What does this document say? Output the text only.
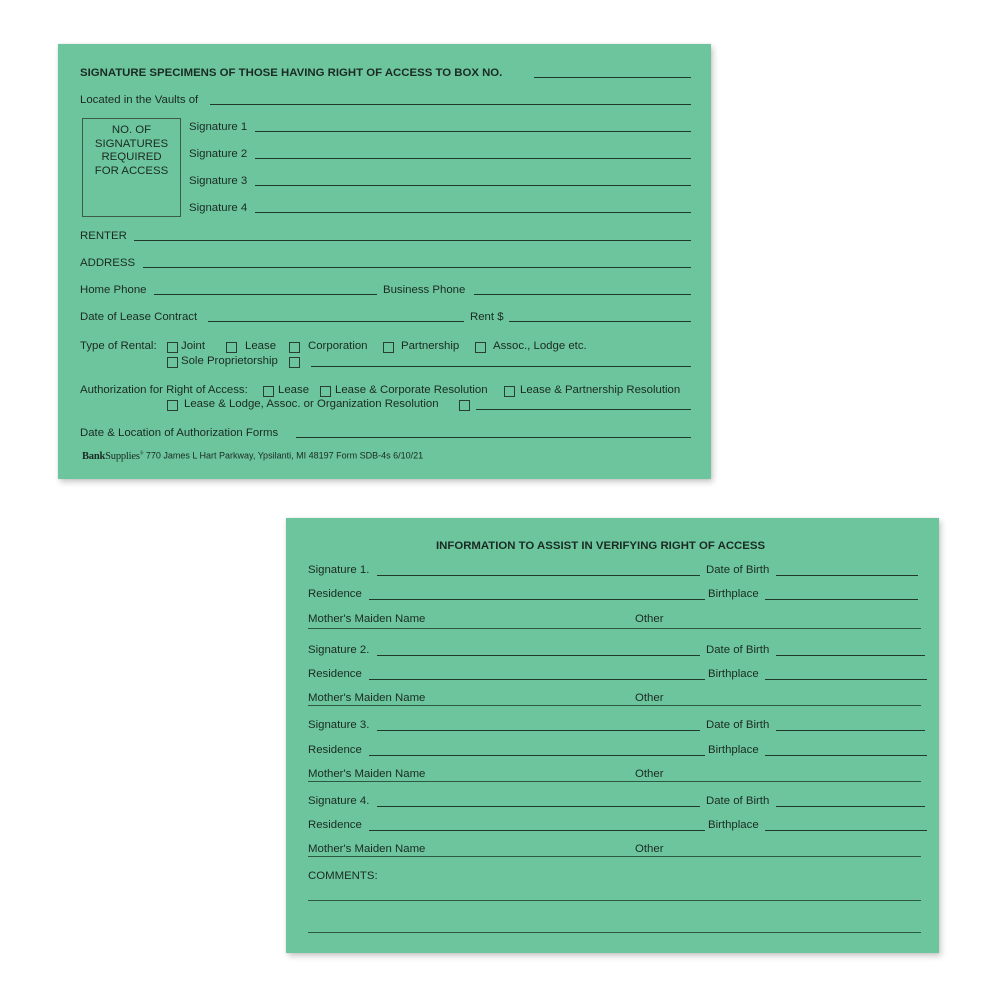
SIGNATURE SPECIMENS OF THOSE HAVING RIGHT OF ACCESS TO BOX NO.
Located in the Vaults of
NO. OF
SIGNATURES
REQUIRED
FOR ACCESS
Signature 1
Signature 2
Signature 3
Signature 4
RENTER
ADDRESS
Home Phone	Business Phone
Date of Lease Contract	Rent $
Type of Rental: Joint	Lease	Corporation	Partnership	Assoc., Lodge etc.
Sole Proprietorship
Authorization for Right of Access:	Lease Lease & Corporate Resolution	Lease & Partnership Resolution
Lease & Lodge, Assoc. or Organization Resolution
Date & Location of Authorization Forms
BankSupplies® 770 James L Hart Parkway, Ypsilanti, MI 48197 Form SDB-4s 6/10/21
INFORMATION TO ASSIST IN VERIFYING RIGHT OF ACCESS
Signature 1.	Date of Birth
Residence	Birthplace
Mother's Maiden Name	Other
Signature 2.	Date of Birth
Residence	Birthplace
Mother's Maiden Name	Other
Signature 3.	Date of Birth
Residence	Birthplace
Mother's Maiden Name	Other
Signature 4.	Date of Birth
Residence	Birthplace
Mother's Maiden Name	Other
COMMENTS:
